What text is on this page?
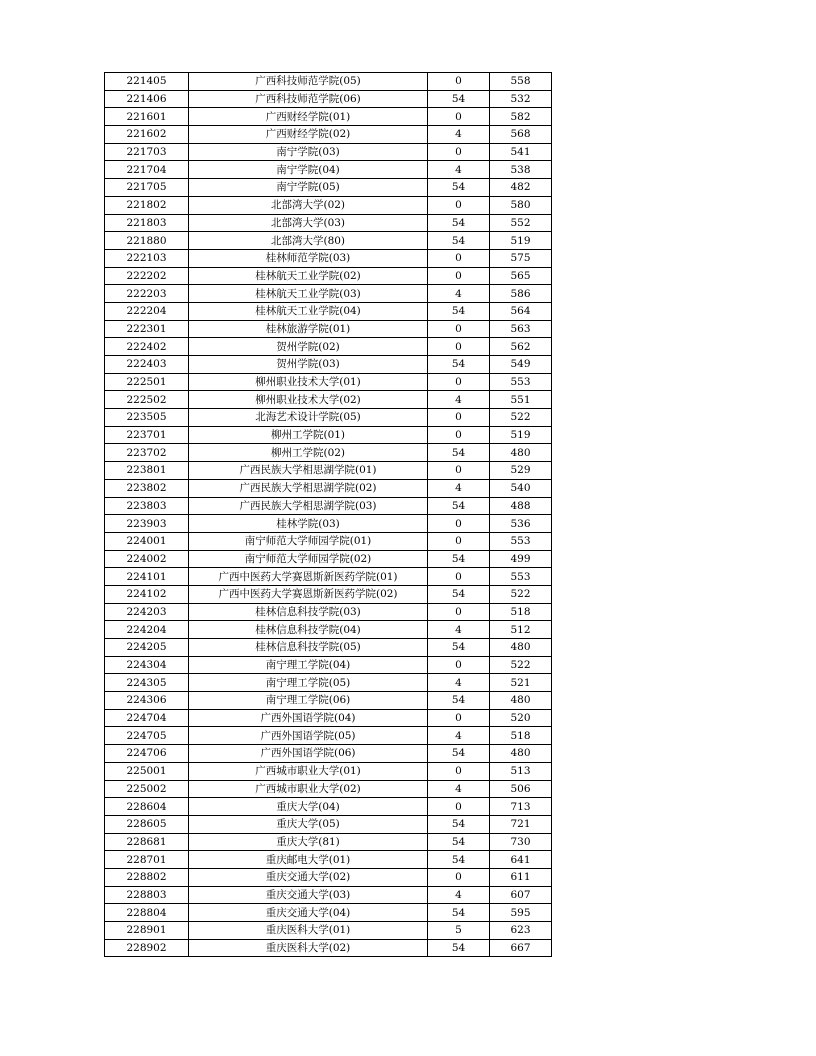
221405	广西科技师范学院(05)	0	558
221406	广西科技师范学院(06)	54	532
221601	广西财经学院(01)	0	582
221602	广西财经学院(02)	4	568
221703	南宁学院(03)	0	541
221704	南宁学院(04)	4	538
221705	南宁学院(05)	54	482
221802	北部湾大学(02)	0	580
221803	北部湾大学(03)	54	552
221880	北部湾大学(80)	54	519
222103	桂林师范学院(03)	0	575
222202	桂林航天工业学院(02)	0	565
222203	桂林航天工业学院(03)	4	586
222204	桂林航天工业学院(04)	54	564
222301	桂林旅游学院(01)	0	563
222402	贺州学院(02)	0	562
222403	贺州学院(03)	54	549
222501	柳州职业技术大学(01)	0	553
222502	柳州职业技术大学(02)	4	551
223505	北海艺术设计学院(05)	0	522
223701	柳州工学院(01)	0	519
223702	柳州工学院(02)	54	480
223801	广西民族大学相思湖学院(01)	0	529
223802	广西民族大学相思湖学院(02)	4	540
223803	广西民族大学相思湖学院(03)	54	488
223903	桂林学院(03)	0	536
224001	南宁师范大学师园学院(01)	0	553
224002	南宁师范大学师园学院(02)	54	499
224101	广西中医药大学赛恩斯新医药学院(01)	0	553
224102	广西中医药大学赛恩斯新医药学院(02)	54	522
224203	桂林信息科技学院(03)	0	518
224204	桂林信息科技学院(04)	4	512
224205	桂林信息科技学院(05)	54	480
224304	南宁理工学院(04)	0	522
224305	南宁理工学院(05)	4	521
224306	南宁理工学院(06)	54	480
224704	广西外国语学院(04)	0	520
224705	广西外国语学院(05)	4	518
224706	广西外国语学院(06)	54	480
225001	广西城市职业大学(01)	0	513
225002	广西城市职业大学(02)	4	506
228604	重庆大学(04)	0	713
228605	重庆大学(05)	54	721
228681	重庆大学(81)	54	730
228701	重庆邮电大学(01)	54	641
228802	重庆交通大学(02)	0	611
228803	重庆交通大学(03)	4	607
228804	重庆交通大学(04)	54	595
228901	重庆医科大学(01)	5	623
228902	重庆医科大学(02)	54	667
